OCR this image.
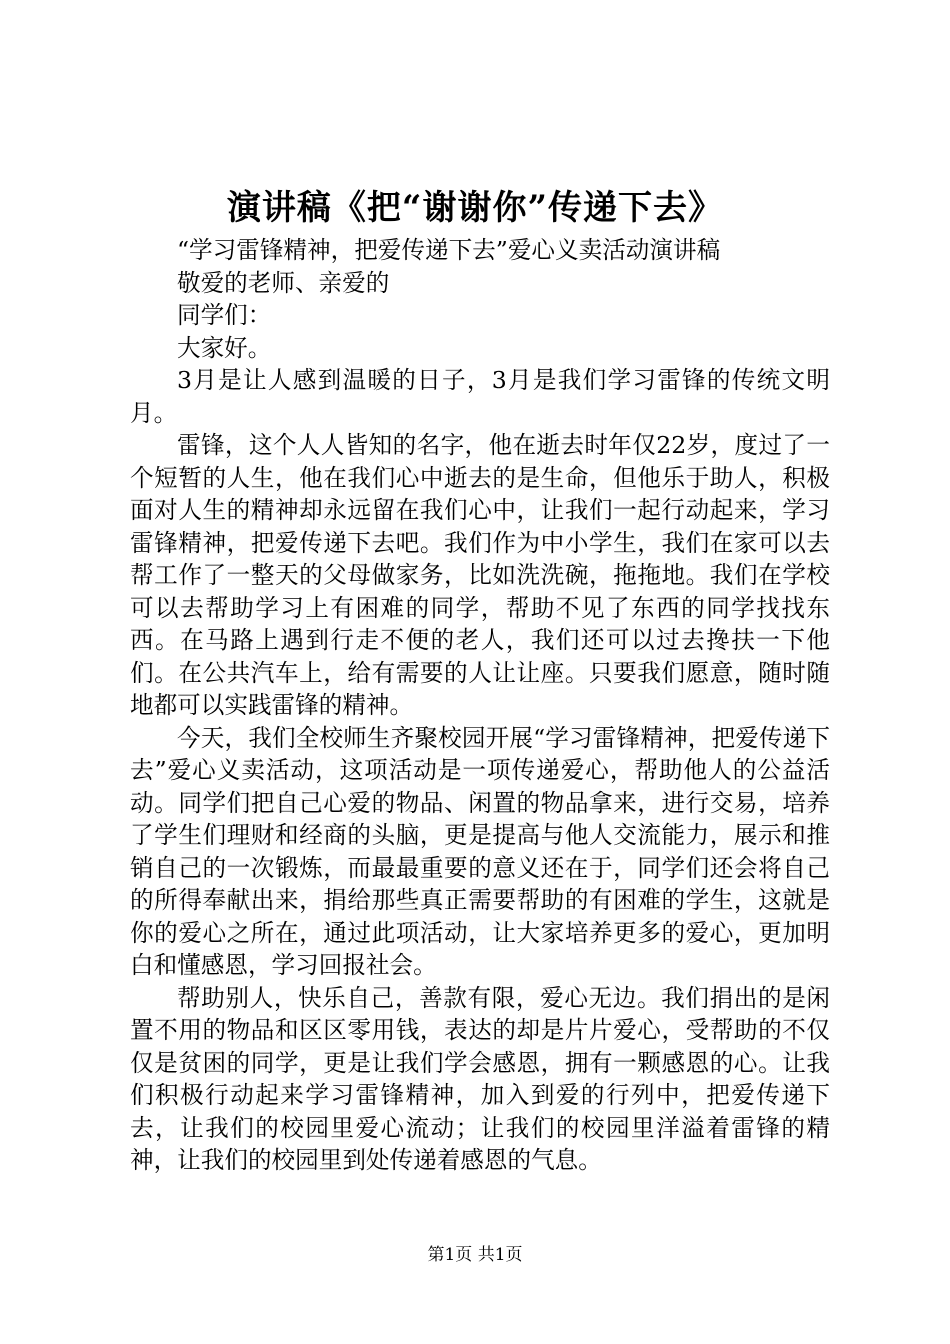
演讲稿《把“谢谢你”传递下去》

“学习雷锋精神，把爱传递下去”爱心义卖活动演讲稿

敬爱的老师、亲爱的

同学们：

大家好。

3月是让人感到温暖的日子，3月是我们学习雷锋的传统文明月。

雷锋，这个人人皆知的名字，他在逝去时年仅22岁，度过了一个短暂的人生，他在我们心中逝去的是生命，但他乐于助人，积极面对人生的精神却永远留在我们心中，让我们一起行动起来，学习雷锋精神，把爱传递下去吧。我们作为中小学生，我们在家可以去帮工作了一整天的父母做家务，比如洗洗碗，拖拖地。我们在学校可以去帮助学习上有困难的同学，帮助不见了东西的同学找找东西。在马路上遇到行走不便的老人，我们还可以过去搀扶一下他们。在公共汽车上，给有需要的人让让座。只要我们愿意，随时随地都可以实践雷锋的精神。

今天，我们全校师生齐聚校园开展“学习雷锋精神，把爱传递下去”爱心义卖活动，这项活动是一项传递爱心，帮助他人的公益活动。同学们把自己心爱的物品、闲置的物品拿来，进行交易，培养了学生们理财和经商的头脑，更是提高与他人交流能力，展示和推销自己的一次锻炼，而最最重要的意义还在于，同学们还会将自己的所得奉献出来，捐给那些真正需要帮助的有困难的学生，这就是你的爱心之所在，通过此项活动，让大家培养更多的爱心，更加明白和懂感恩，学习回报社会。

帮助别人，快乐自己，善款有限，爱心无边。我们捐出的是闲置不用的物品和区区零用钱，表达的却是片片爱心，受帮助的不仅仅是贫困的同学，更是让我们学会感恩，拥有一颗感恩的心。让我们积极行动起来学习雷锋精神，加入到爱的行列中，把爱传递下去，让我们的校园里爱心流动；让我们的校园里洋溢着雷锋的精神，让我们的校园里到处传递着感恩的气息。

第1页 共1页
